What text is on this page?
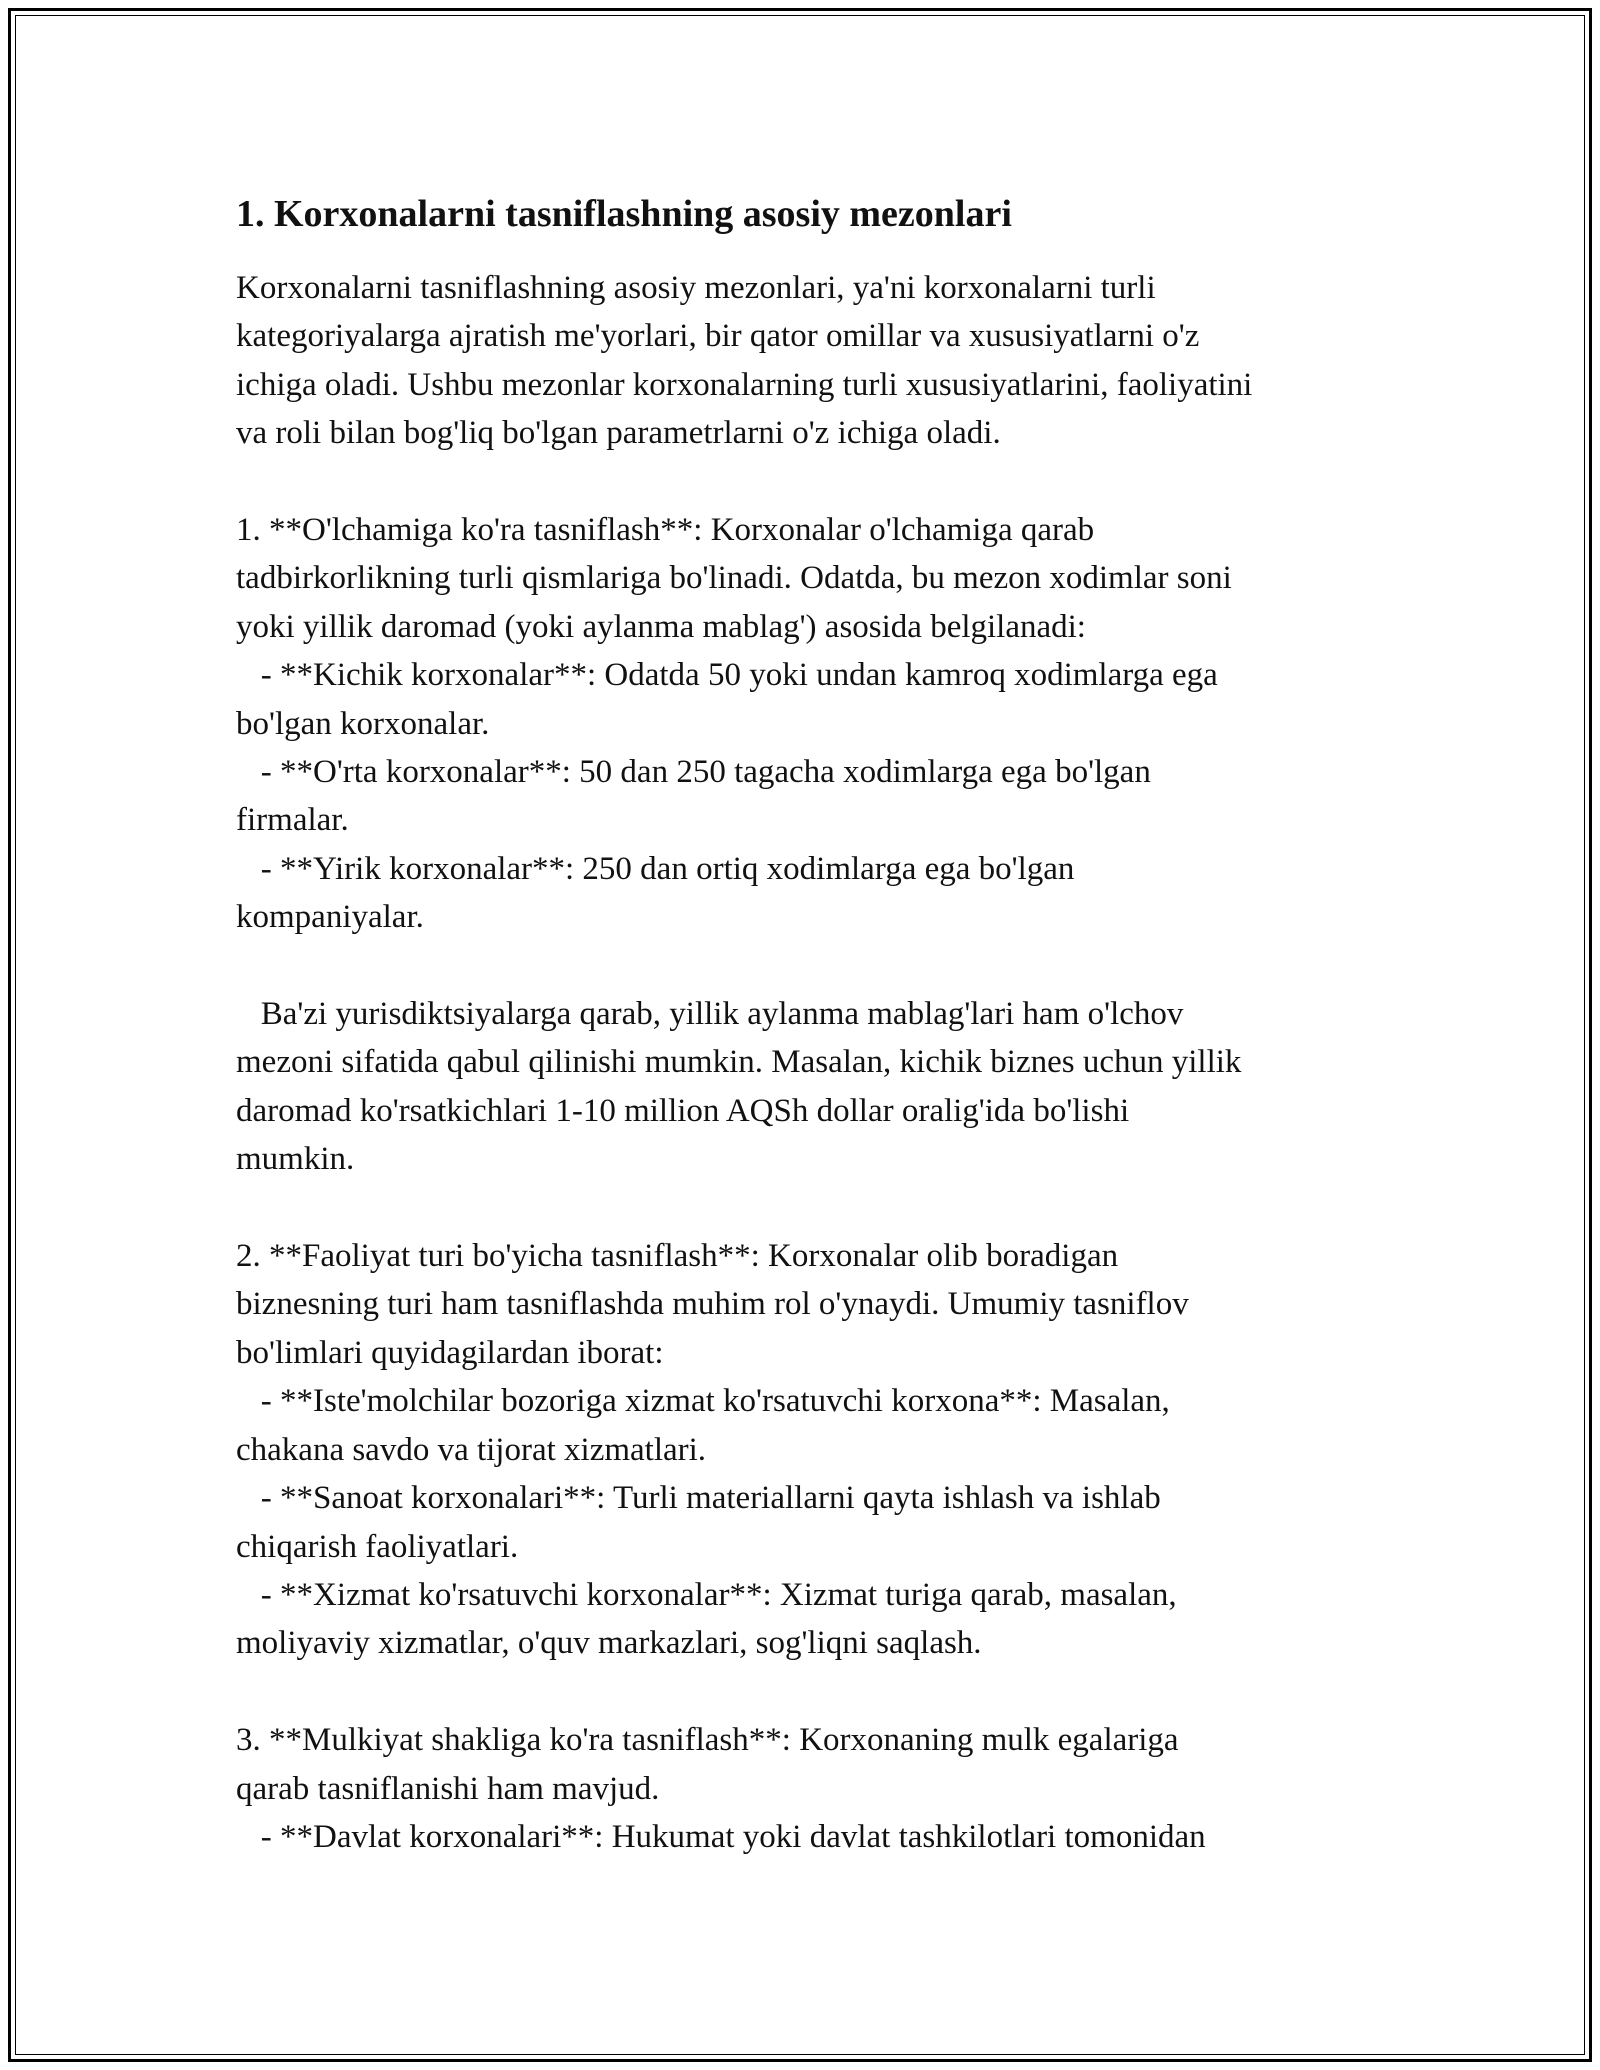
1. Korxonalarni tasniflashning asosiy mezonlari
Korxonalarni tasniflashning asosiy mezonlari, ya'ni korxonalarni turli
kategoriyalarga ajratish me'yorlari, bir qator omillar va xususiyatlarni o'z
ichiga oladi. Ushbu mezonlar korxonalarning turli xususiyatlarini, faoliyatini
va roli bilan bog'liq bo'lgan parametrlarni o'z ichiga oladi.
1. **O'lchamiga ko'ra tasniflash**: Korxonalar o'lchamiga qarab
tadbirkorlikning turli qismlariga bo'linadi. Odatda, bu mezon xodimlar soni
yoki yillik daromad (yoki aylanma mablag') asosida belgilanadi:
- **Kichik korxonalar**: Odatda 50 yoki undan kamroq xodimlarga ega
bo'lgan korxonalar.
- **O'rta korxonalar**: 50 dan 250 tagacha xodimlarga ega bo'lgan
firmalar.
- **Yirik korxonalar**: 250 dan ortiq xodimlarga ega bo'lgan
kompaniyalar.
Ba'zi yurisdiktsiyalarga qarab, yillik aylanma mablag'lari ham o'lchov
mezoni sifatida qabul qilinishi mumkin. Masalan, kichik biznes uchun yillik
daromad ko'rsatkichlari 1-10 million AQSh dollar oralig'ida bo'lishi
mumkin.
2. **Faoliyat turi bo'yicha tasniflash**: Korxonalar olib boradigan
biznesning turi ham tasniflashda muhim rol o'ynaydi. Umumiy tasniflov
bo'limlari quyidagilardan iborat:
- **Iste'molchilar bozoriga xizmat ko'rsatuvchi korxona**: Masalan,
chakana savdo va tijorat xizmatlari.
- **Sanoat korxonalari**: Turli materiallarni qayta ishlash va ishlab
chiqarish faoliyatlari.
- **Xizmat ko'rsatuvchi korxonalar**: Xizmat turiga qarab, masalan,
moliyaviy xizmatlar, o'quv markazlari, sog'liqni saqlash.
3. **Mulkiyat shakliga ko'ra tasniflash**: Korxonaning mulk egalariga
qarab tasniflanishi ham mavjud.
- **Davlat korxonalari**: Hukumat yoki davlat tashkilotlari tomonidan
